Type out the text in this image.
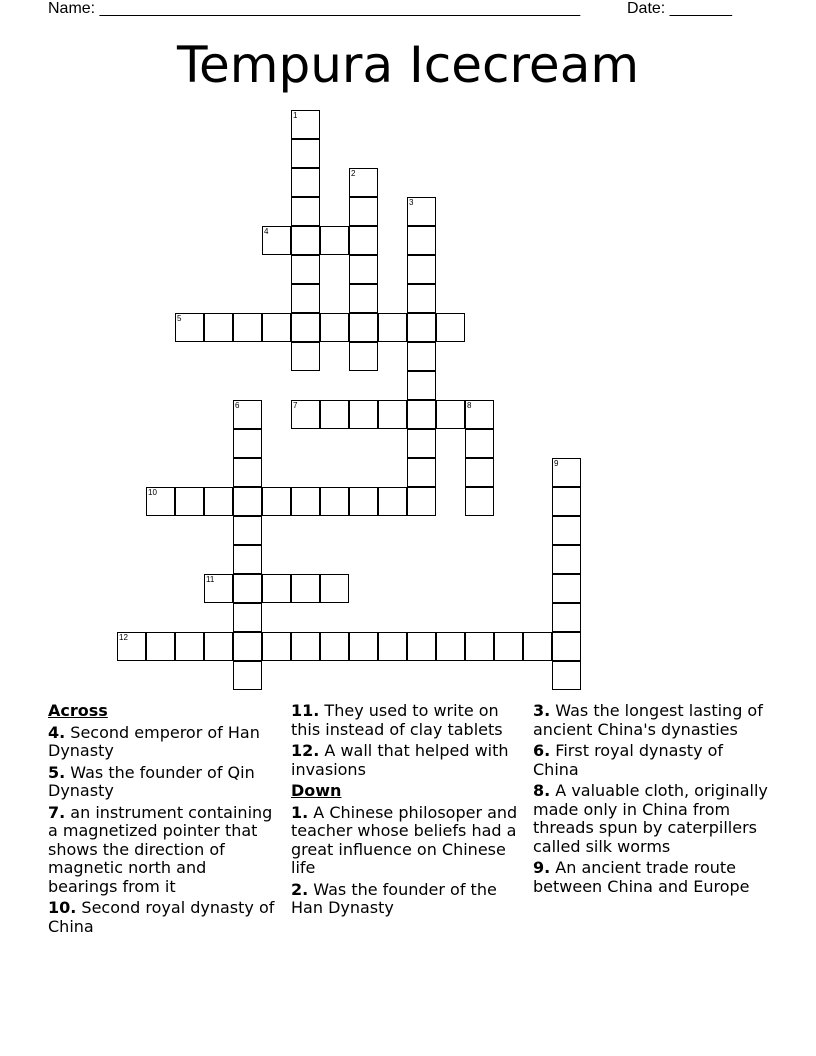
Name: ______________________________________________________	Date: _______
Tempura Icecream
1
2
3
4
5
6	7	8
9
10
11
12
Across
4. Second emperor of Han Dynasty
5. Was the founder of Qin Dynasty
7. an instrument containing a magnetized pointer that shows the direction of magnetic north and bearings from it
10. Second royal dynasty of China
11. They used to write on this instead of clay tablets
12. A wall that helped with invasions
Down
1. A Chinese philosoper and teacher whose beliefs had a great influence on Chinese life
2. Was the founder of the Han Dynasty
3. Was the longest lasting of ancient China's dynasties
6. First royal dynasty of China
8. A valuable cloth, originally made only in China from threads spun by caterpillers called silk worms
9. An ancient trade route between China and Europe
